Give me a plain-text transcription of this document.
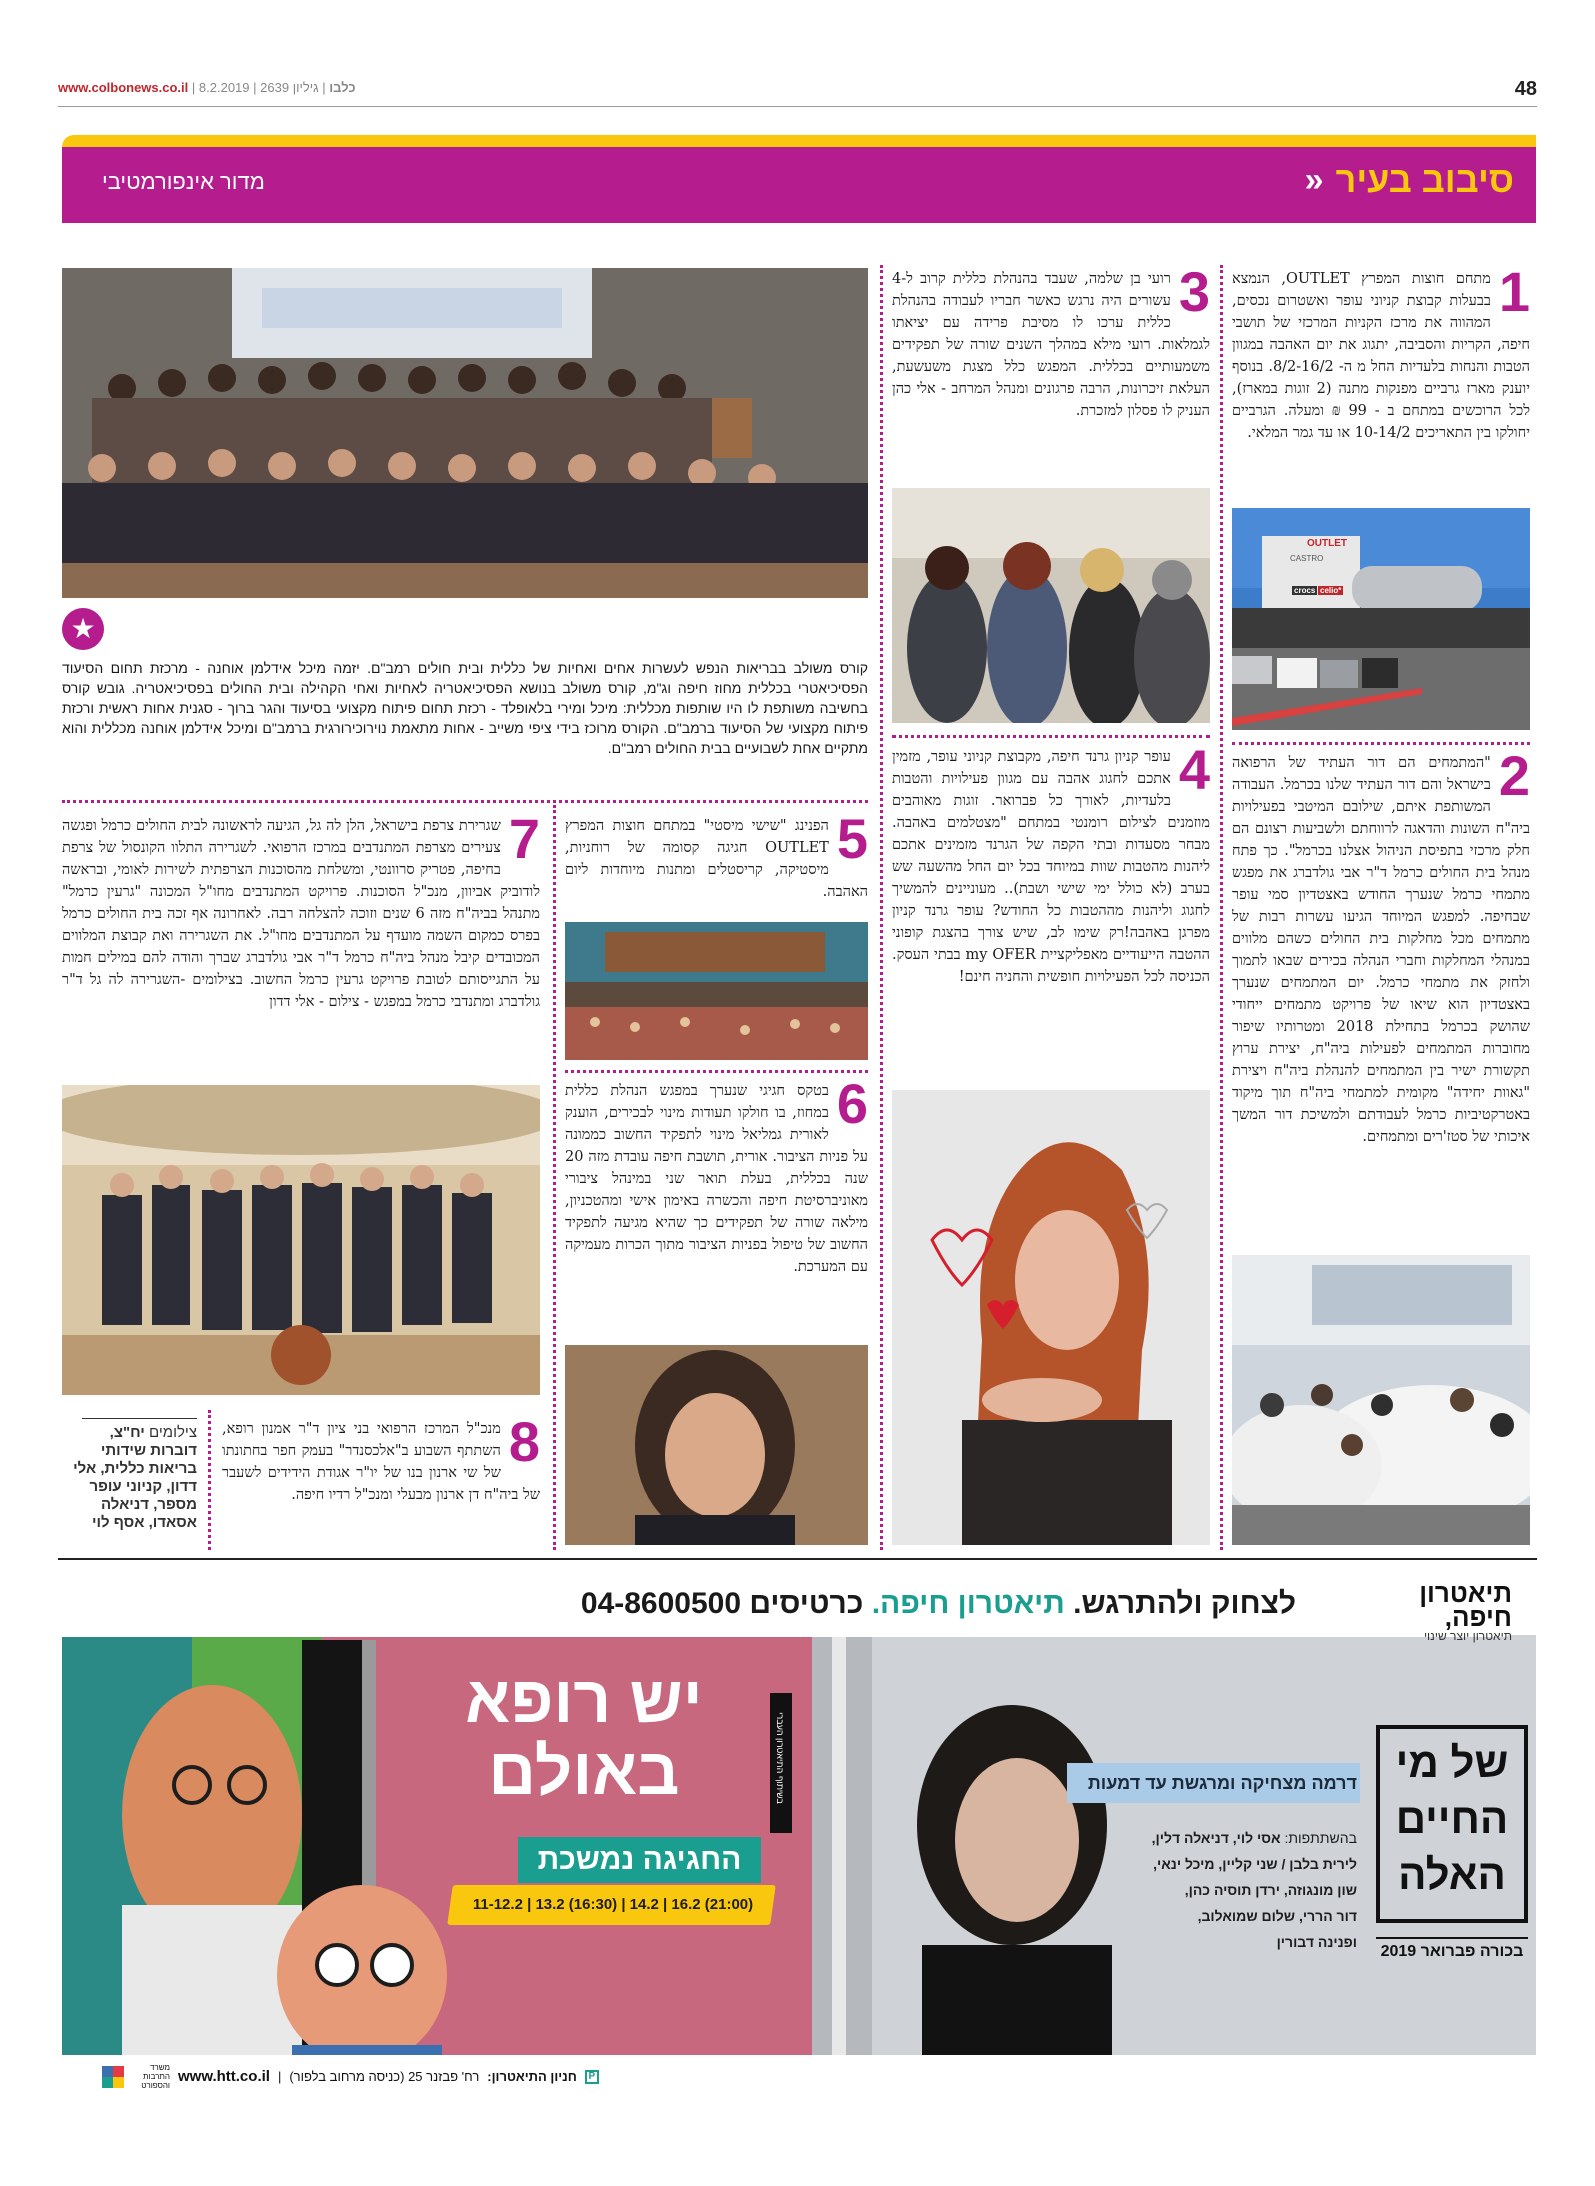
www.colbonews.co.il |	כלבו | גיליון 2639 | 8.2.2019	48
סיבוב בעיר
«
מדור אינפורמטיבי
1
מתחם חוצות המפרץ OUTLET, הנמצא בבעלות קבוצת קניוני עופר ואשטרום נכסים, המהווה את מרכז הקניות המרכזי של תושבי חיפה, הקריות והסביבה, יתגוג את יום האהבה במגוון הטבות והנחות בלעדיות החל מ ה- 8/2-16/2. בנוסף יוענק מארז גרביים מפנקות מתנה (2 זוגות במארז), לכל הרוכשים במתחם ב - 99 ₪ ומעלה. הגרביים יחולקו בין התאריכים 10-14/2 או עד גמר המלאי.
OUTLET
CASTRO
crocs celio*
2
"המתמחים הם דור העתיד של הרפואה בישראל והם דור העתיד שלנו בכרמל. העבודה המשותפת איתם, שילובם המיטבי בפעילויות ביה"ח השונות והדאגה לרווחתם ולשביעות רצונם הם חלק מרכזי בתפיסת הניהול אצלנו בכרמל". כך פתח מנהל בית החולים כרמל ד"ר אבי גולדברג את מפגש מתמחי כרמל שנערך החודש באצטדיון סמי עופר שבחיפה. למפגש המיוחד הגיעו עשרות רבות של מתמחים מכל מחלקות בית החולים כשהם מלווים במנהלי המחלקות וחברי הנהלה בכירים שבאו לתמוך ולחזק את מתמחי כרמל. יום המתמחים שנערך באצטדיון הוא שיאו של פרויקט מתמחים ייחודי שהושק בכרמל בתחילת 2018 ומטרותיו שיפור מחוברות המתמחים לפעילות ביה"ח, יצירת ערוץ תקשורת ישיר בין המתמחים להנהלת ביה"ח ויצירת "גאוות יחידה" מקומית למתמחי ביה"ח תוך מיקוד באטרקטיביות כרמל לעבודתם ולמשיכת דור המשך איכותי של סטז'רים ומתמחים.
3
רועי בן שלמה, שעבד בהנהלת כללית קרוב ל-4 עשורים היה נרגש כאשר חבריו לעבודה בהנהלת כללית ערכו לו מסיבת פרידה עם יציאתו לגמלאות. רועי מילא במהלך השנים שורה של תפקידים משמעותיים בכללית. המפגש כלל מצגת משעשעת, העלאת זיכרונות, הרבה פרגונים ומנהל המרחב - אלי כהן העניק לו פסלון למזכרת.
4
עופר קניון גרנד חיפה, מקבוצת קניוני עופר, מזמין אתכם לחגוג אהבה עם מגוון פעילויות והטבות בלעדיות, לאורך כל פברואר. זוגות מאוהבים מוזמנים לצילום רומנטי במתחם "מצטלמים באהבה. מבחר מסעדות ובתי הקפה של הגרנד מזמינים אתכם ליהנות מהטבות שוות במיוחד בכל יום החל מהשעה שש בערב (לא כולל ימי שישי ושבת).. מעוניינים להמשיך לחגוג וליהנות מההטבות כל החודש? עופר גרנד קניון מפרגן באהבה!רק שימו לב, שיש צורך בהצגת קופוני ההטבה הייעודיים מאפליקציית my OFER בבתי העסק. הכניסה לכל הפעילויות חופשית והחניה חינם!
★
קורס משולב בבריאות הנפש לעשרות אחים ואחיות של כללית ובית חולים רמב"ם. יזמה מיכל אידלמן אוחנה - מרכזת תחום הסיעוד הפסיכיאטרי בכללית מחוז חיפה וג"מ, קורס משולב בנושא הפסיכיאטריה לאחיות ואחי הקהילה ובית החולים בפסיכיאטריה. גובש קורס בחשיבה משותפת לו היו שותפות מכללית: מיכל ומירי בלאופלד - רכזת תחום פיתוח מקצועי בסיעוד והגר ברוך - סגנית אחות ראשית ורכזת פיתוח מקצועי של הסיעוד ברמב"ם. הקורס מרוכז בידי ציפי משייב - אחות מתאמת נוירוכירורגית ברמב"ם ומיכל אידלמן אוחנה מכללית והוא מתקיים אחת לשבועיים בבית החולים רמב"ם.
5
הפנינג "שישי מיסטי" במתחם חוצות המפרץ OUTLET חגיגה קסומה של רוחניות, מיסטיקה, קריסטלים ומתנות מיוחדות ליום האהבה.
6
בטקס חגיגי שנערך במפגש הנהלת כללית במחוז, בו חולקו תעודות מינוי לבכירים, הוענק לאורית גמליאל מינוי לתפקיד החשוב כממונה על פניות הציבור. אורית, תושבת חיפה עובדת מזה 20 שנה בכללית, בעלת תואר שני במינהל ציבורי מאוניברסיטת חיפה והכשרה באימון אישי ומהטכניון, מילאה שורה של תפקידים כך שהיא מגיעה לתפקיד החשוב של טיפול בפניות הציבור מתוך הכרות מעמיקה עם המערכת.
7
שגרירת צרפת בישראל, הלן לה גל, הגיעה לראשונה לבית החולים כרמל ופגשה צעירים מצרפת המתנדבים במרכז הרפואי. לשגרירה התלוו הקונסול של צרפת בחיפה, פטריק סרוונטי, ומשלחת מהסוכנות הצרפתית לשירות לאומי, ובראשה לודוביק אביוון, מנכ"ל הסוכנות. פרויקט המתנדבים מחו"ל המכונה "גרעין כרמל" מתנהל בביה"ח מזה 6 שנים וזוכה להצלחה רבה. לאחרונה אף זכה בית החולים כרמל בפרס כמקום השמה מועדף על המתנדבים מחו"ל. את השגרירה ואת קבוצת המלווים המכובדים קיבל מנהל ביה"ח כרמל ד"ר אבי גולדברג שברך והודה להם במילים חמות על התגייסותם לטובת פרויקט גרעין כרמל החשוב. בצילומים -השגרירה לה גל ד"ר גולדברג ומתנדבי כרמל במפגש - צילום - אלי דדון
8
מנכ"ל המרכז הרפואי בני ציון ד"ר אמנון רופא, השתתף השבוע ב"אלכסנדר" בעמק חפר בחתונתו של שי ארנון בנו של יו"ר אגודת הידידים לשעבר של ביה"ח דן ארנון מבעלי ומנכ"ל רדיו חיפה.
צילומים יח"צ, דוברות שידותי בריאות כללית, אלי דדון, קניוני עופר מספר, דניאלה אסאדו, אסף לוי
יש רופא
באולם
החגיגה נמשכת
11-12.2 | 13.2 (16:30) | 14.2 | 16.2 (21:00)
בשיתוף התיאטרון העברי
תיאטרון
חיפה,
תיאטרון יוצר שינוי
לצחוק ולהתרגש. תיאטרון חיפה. כרטיסים 04-8600500
דרמה מצחיקה ומרגשת עד דמעות
בהשתתפות: אסי לוי, דניאלה דלין,
לירית בלבן / שני קליין, מיכל ינאי,
שון מונגוזה, ירדן תוסיה כהן,
דור הררי, שלום שמואלוב,
ופנינה דבורין
של מי
החיים
האלה
בכורה פברואר 2019
משרד התרבות והספורט
www.htt.co.il | רח' פבזנר 25 (כניסה מרחוב בלפור) חניון התיאטרון:	P
